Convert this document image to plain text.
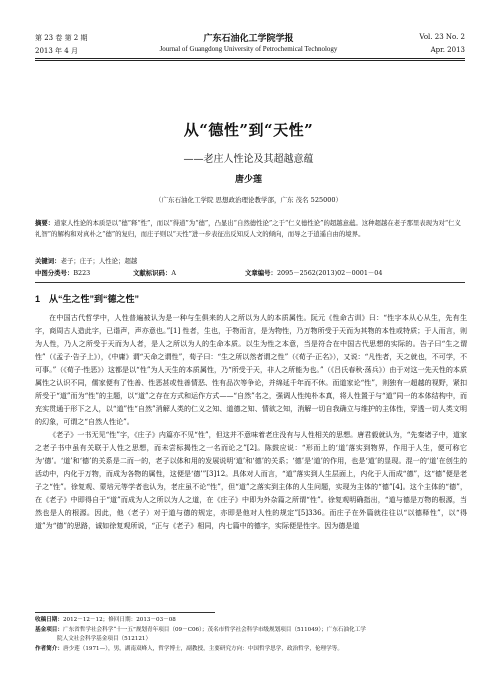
第 23 卷 第 2 期
2013 年 4 月
广东石油化工学院学报
Journal of Guangdong University of Petrochemical Technology
Vol. 23 No. 2
Apr. 2013
从“德性”到“天性”
——老庄人性论及其超越意蕴
唐少莲
（广东石油化工学院 思想政治理论教学部，广东 茂名 525000）
摘要：道家人性论的本质是以“德”释“性”，而以“得道”为“德”，凸显出“自然德性论”之于“仁义德性论”的超越意蕴。这种超越在老子那里表现为对“仁义礼智”的解构和对真朴之“德”的复归，而庄子则以“天性”进一步表征出反知反人文的倾向，而导之于逍遥自由的境界。
关键词：老子；庄子；人性论；超越
中图分类号：B223	文献标识码：A	文章编号：2095－2562(2013)02－0001－04
1 从“生之性”到“德之性”

在中国古代哲学中，人性普遍被认为是一种与生俱来的人之所以为人的本质属性。阮元《性命古训》曰：“性字本从心从生，先有生字，商周古人造此字，已谐声，声亦意也。”[1] 性者，生也，于物而言，是为物性，乃万物所受于天而为其物的本性或特质；于人而言，则为人性，乃人之所受于天而为人者，是人之所以为人的生命本质。以生为性之本意，当是符合在中国古代思想的实际的。告子曰“生之谓性”（《孟子·告子上》），《中庸》谓“天命之谓性”，荀子曰：“生之所以然者谓之性”（《荀子·正名》），又说：“凡性者，天之就也，不可学，不可事。”（《荀子·性恶》）这都是以“性”为人天生的本质属性，乃“所受于天，非人之所能为也。”（《吕氏春秋·荡兵》）由于对这一先天性的本质属性之认识不同，儒家便有了性善、性恶甚或性善情恶、性有品次等争论，并绵延千年而不休。而道家论“性”，则独有一超越的视野，紧扣所受于“道”而为“性”的主题，以“道”之存在方式和运作方式——“自然”名之，强调人性纯朴本真，将人性置于与“道”同一的本体结构中，而充实贯通于形下之人，以“道”性“自然”消解人类的仁义之知、道德之知、情欲之知，消解一切自我确立与维护的主体性，穿透一切人类文明的幻象，可谓之“自然人性论”。

《老子》一书无见“性”字，《庄子》内篇亦不见“性”，但这并不意味着老庄没有与人性相关的思想。唐君毅就认为，“先秦诸子中，道家之老子书中虽有关联于人性之思想，而未尝标揭性之一名而论之”[2]。陈鼓应说：“形而上的‘道’落实到物界，作用于人生，便可称它为‘德’。‘道’和‘德’的关系是二而一的，老子以体和用的发展说明‘道’和‘德’的关系；‘德’是‘道’的作用，也是‘道’的显现。混一的‘道’在创生的活动中，内化于万物，而成为各物的属性，这便是‘德’”[3]12。具体对人而言，“道”落实到人生层面上，内化于人而成“德”，这“德”便是老子之“性”。徐复观、蒙培元等学者也认为，老庄虽不论“性”，但“道”之落实到主体的人生问题，实现为主体的“德”[4]。这个主体的“德”，在《老子》中即得自于“道”而成为人之所以为人之道，在《庄子》中即为外杂篇之所谓“性”。徐复观明确指出，“道与德是万物的根源，当然也是人的根源。因此，他（老子）对于道与德的规定，亦即是他对人性的规定”[5]336。而庄子在外篇就往往以“以德释性”，以“得道”为“德”的思路，诚如徐复观所说，“正与《老子》相同，内七篇中的德字，实际便是性字。因为德是道

收稿日期：2012－12－12；修回日期：2013－03－08
基金项目：广东省哲学社会科学“十一五”规划青年项目（09－C06）；茂名市哲学社会科学市级规划项目（511049）；广东石油化工学
院人文社会科学基金项目（512121）
作者简介：唐少莲（1971—），男，湖南双峰人，哲学博士，副教授，主要研究方向：中国哲学思学，政治哲学，伦理学等。
